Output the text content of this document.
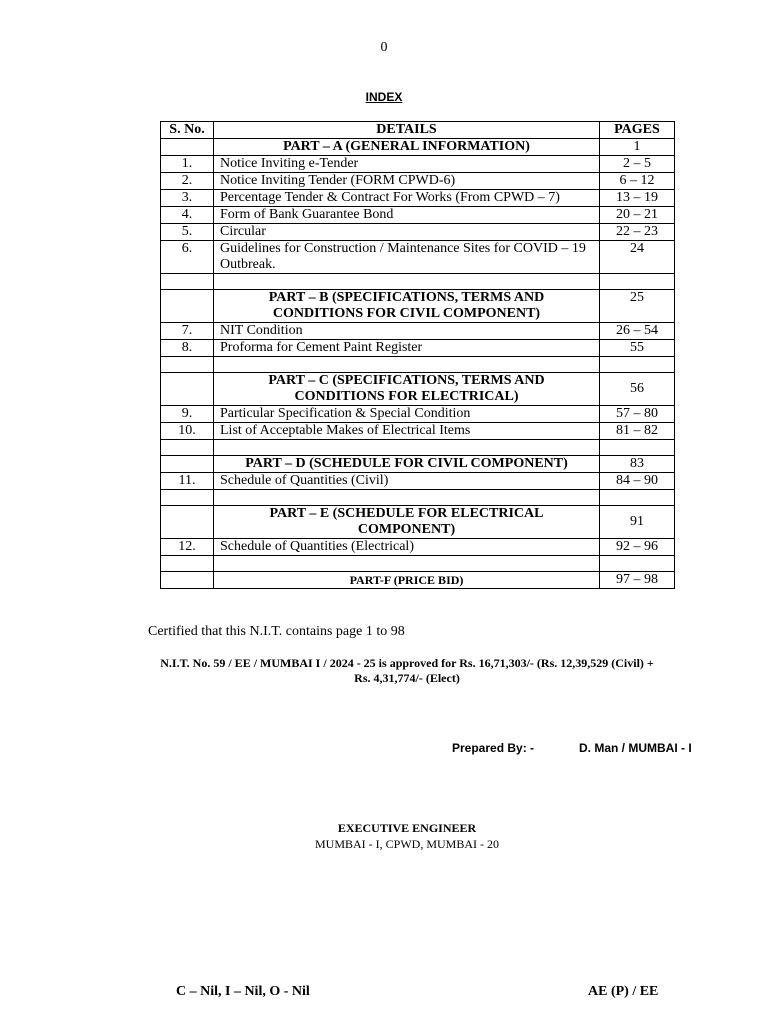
0
INDEX
S. No.	DETAILS	PAGES
	PART – A (GENERAL INFORMATION)	1
1.	Notice Inviting e-Tender	2 – 5
2.	Notice Inviting Tender (FORM CPWD-6)	6 – 12
3.	Percentage Tender & Contract For Works (From CPWD – 7)	13 – 19
4.	Form of Bank Guarantee Bond	20 – 21
5.	Circular	22 – 23
6.	Guidelines for Construction / Maintenance Sites for COVID – 19 Outbreak.	24

	PART – B (SPECIFICATIONS, TERMS AND
CONDITIONS FOR CIVIL COMPONENT)	25
7.	NIT Condition	26 – 54
8.	Proforma for Cement Paint Register	55

	PART – C (SPECIFICATIONS, TERMS AND
CONDITIONS FOR ELECTRICAL)	56
9.	Particular Specification & Special Condition	57 – 80
10.	List of Acceptable Makes of Electrical Items	81 – 82

	PART – D (SCHEDULE FOR CIVIL COMPONENT)	83
11.	Schedule of Quantities (Civil)	84 – 90

	PART – E (SCHEDULE FOR ELECTRICAL
COMPONENT)	91
12.	Schedule of Quantities (Electrical)	92 – 96

	PART-F (PRICE BID)	97 – 98
Certified that this N.I.T. contains page 1 to 98
N.I.T. No. 59 / EE / MUMBAI I / 2024 - 25 is approved for Rs. 16,71,303/- (Rs. 12,39,529 (Civil) +
Rs. 4,31,774/- (Elect)
Prepared By: -	D. Man / MUMBAI - I
EXECUTIVE ENGINEER
MUMBAI - I, CPWD, MUMBAI - 20
C – Nil, I – Nil, O - Nil	AE (P) / EE
